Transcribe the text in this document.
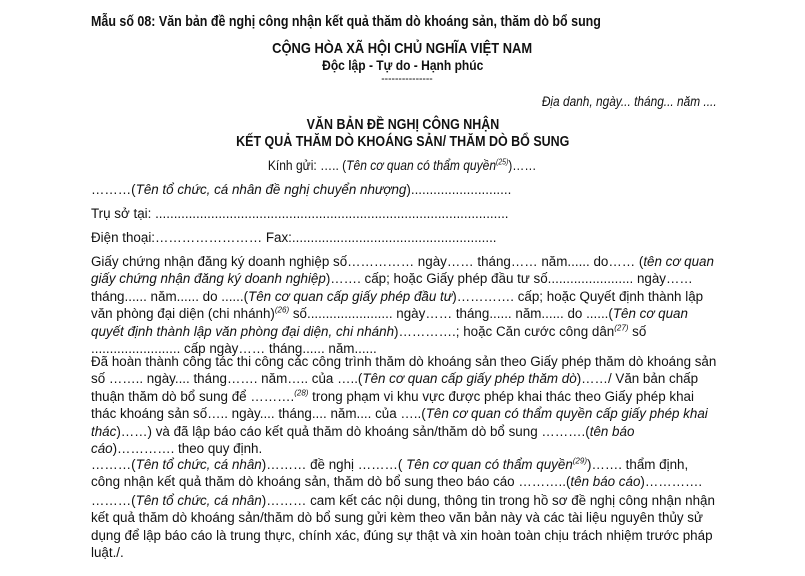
Mẫu số 08: Văn bản đề nghị công nhận kết quả thăm dò khoáng sản, thăm dò bổ sung
CỘNG HÒA XÃ HỘI CHỦ NGHĨA VIỆT NAM
Độc lập - Tự do - Hạnh phúc
---------------
Địa danh, ngày... tháng... năm ....
VĂN BẢN ĐỀ NGHỊ CÔNG NHẬN
KẾT QUẢ THĂM DÒ KHOÁNG SẢN/ THĂM DÒ BỔ SUNG
Kính gửi: ….. (Tên cơ quan có thẩm quyền$^{(25)}$)……
………(Tên tổ chức, cá nhân đề nghị chuyển nhượng)...........................
Trụ sở tại: ...............................................................................................
Điện thoại:…………………… Fax:.......................................................
Giấy chứng nhận đăng ký doanh nghiệp số…………… ngày…… tháng…… năm...... do…… (tên cơ quan
giấy chứng nhận đăng ký doanh nghiệp)……. cấp; hoặc Giấy phép đầu tư số....................... ngày……
tháng...... năm...... do ......(Tên cơ quan cấp giấy phép đầu tư)…………. cấp; hoặc Quyết định thành lập
văn phòng đại diện (chi nhánh)$^{(26)}$ số....................... ngày…… tháng...... năm...... do ......(Tên cơ quan
quyết định thành lập văn phòng đại diện, chi nhánh)………….; hoặc Căn cước công dân$^{(27)}$ số
........................ cấp ngày…… tháng...... năm......
Đã hoàn thành công tác thi công các công trình thăm dò khoáng sản theo Giấy phép thăm dò khoáng sản
số …….. ngày.... tháng……. năm….. của …..(Tên cơ quan cấp giấy phép thăm dò)……/ Văn bản chấp
thuận thăm dò bổ sung để ……….$^{(28)}$ trong phạm vi khu vực được phép khai thác theo Giấy phép khai
thác khoáng sản số….. ngày.... tháng.... năm.... của …..(Tên cơ quan có thẩm quyền cấp giấy phép khai
thác)……) và đã lập báo cáo kết quả thăm dò khoáng sản/thăm dò bổ sung ……….(tên báo
cáo)…………. theo quy định.
………(Tên tổ chức, cá nhân)……… đề nghị ………( Tên cơ quan có thẩm quyền$^{(29)}$)……. thẩm định,
công nhận kết quả thăm dò khoáng sản, thăm dò bổ sung theo báo cáo ………..(tên báo cáo)………….
………(Tên tổ chức, cá nhân)……… cam kết các nội dung, thông tin trong hồ sơ đề nghị công nhận nhận
kết quả thăm dò khoáng sản/thăm dò bổ sung gửi kèm theo văn bản này và các tài liệu nguyên thủy sử
dụng để lập báo cáo là trung thực, chính xác, đúng sự thật và xin hoàn toàn chịu trách nhiệm trước pháp
luật./.
